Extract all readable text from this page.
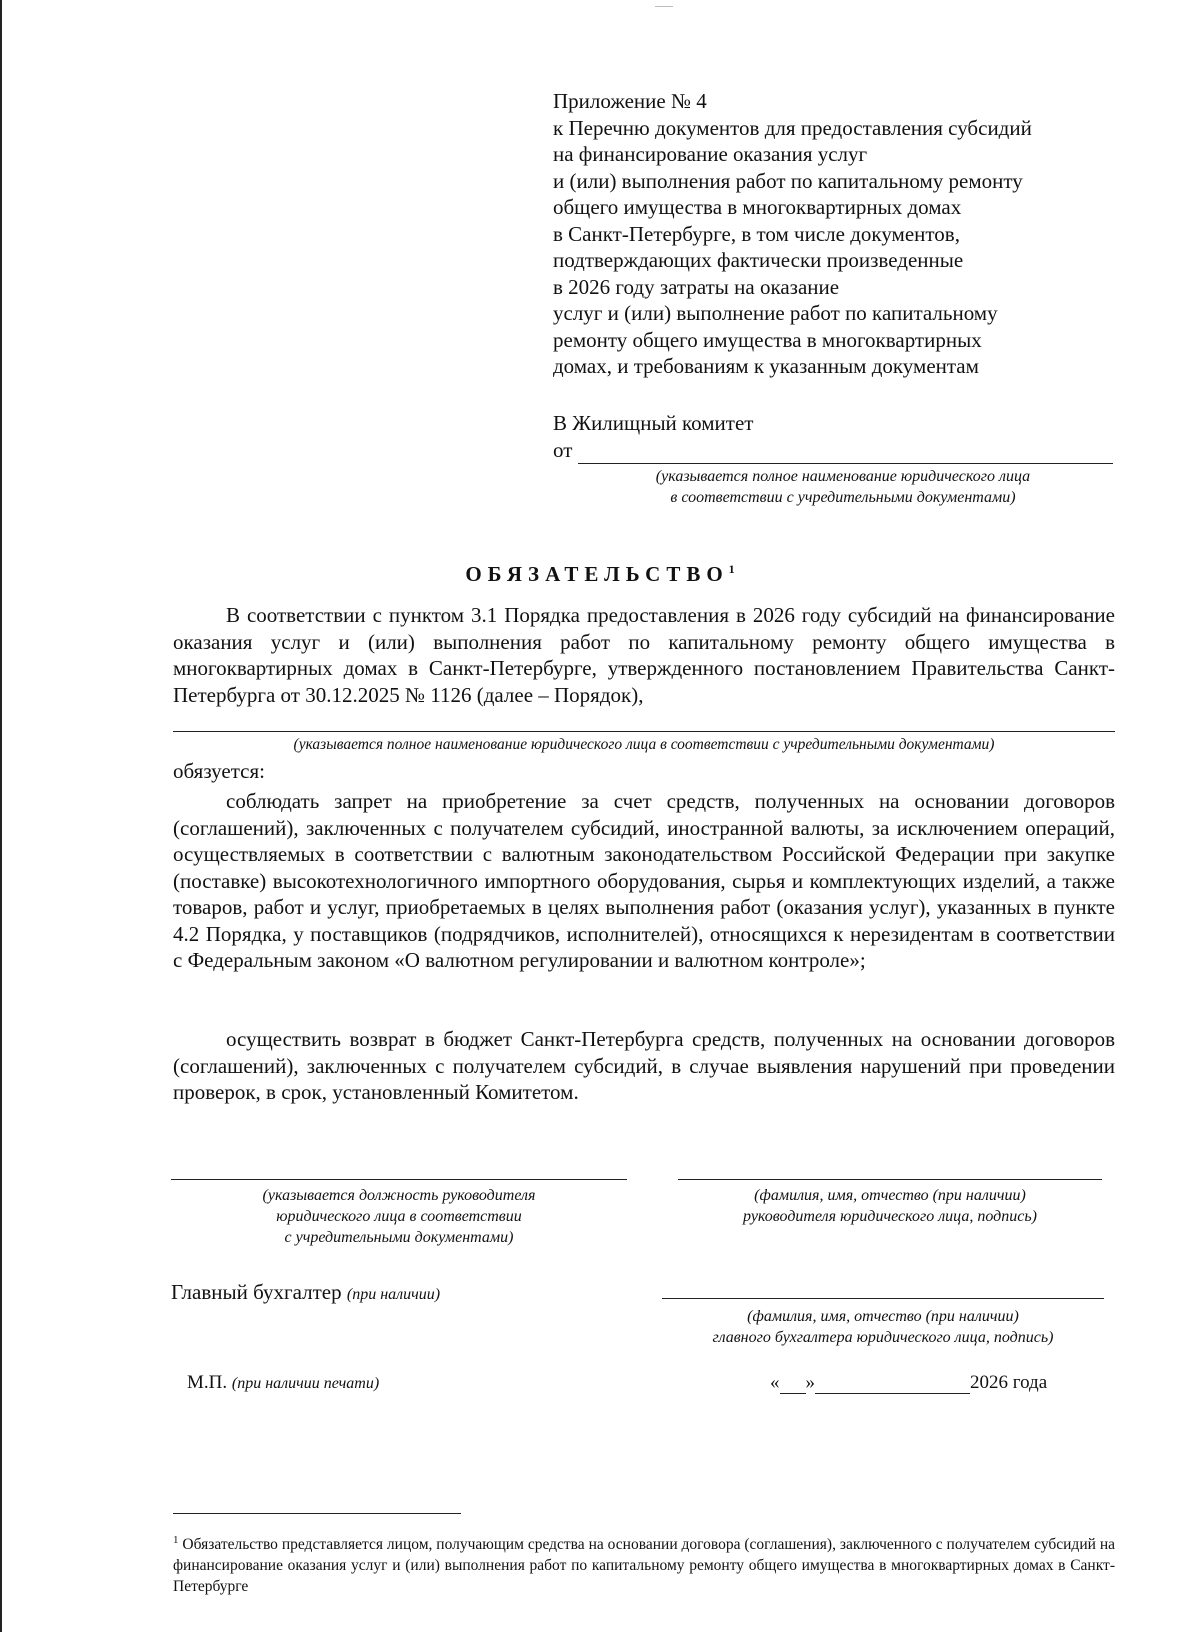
Приложение № 4
к Перечню документов для предоставления субсидий
на финансирование оказания услуг
и (или) выполнения работ по капитальному ремонту
общего имущества в многоквартирных домах
в Санкт-Петербурге, в том числе документов,
подтверждающих фактически произведенные
в 2026 году затраты на оказание
услуг и (или) выполнение работ по капитальному
ремонту общего имущества в многоквартирных
домах, и требованиям к указанным документам
В Жилищный комитет
от
(указывается полное наименование юридического лица
в соответствии с учредительными документами)
ОБЯЗАТЕЛЬСТВО$^1$
В соответствии с пунктом 3.1 Порядка предоставления в 2026 году субсидий на финансирование оказания услуг и (или) выполнения работ по капитальному ремонту общего имущества в многоквартирных домах в Санкт-Петербурге, утвержденного постановлением Правительства Санкт-Петербурга от 30.12.2025 № 1126 (далее – Порядок),
(указывается полное наименование юридического лица в соответствии с учредительными документами)
обязуется:
соблюдать запрет на приобретение за счет средств, полученных на основании договоров (соглашений), заключенных с получателем субсидий, иностранной валюты, за исключением операций, осуществляемых в соответствии с валютным законодательством Российской Федерации при закупке (поставке) высокотехнологичного импортного оборудования, сырья и комплектующих изделий, а также товаров, работ и услуг, приобретаемых в целях выполнения работ (оказания услуг), указанных в пункте 4.2 Порядка, у поставщиков (подрядчиков, исполнителей), относящихся к нерезидентам в соответствии с Федеральным законом «О валютном регулировании и валютном контроле»;
осуществить возврат в бюджет Санкт-Петербурга средств, полученных на основании договоров (соглашений), заключенных с получателем субсидий, в случае выявления нарушений при проведении проверок, в срок, установленный Комитетом.
(указывается должность руководителя
юридического лица в соответствии
с учредительными документами)
(фамилия, имя, отчество (при наличии)
руководителя юридического лица, подпись)
Главный бухгалтер (при наличии)
(фамилия, имя, отчество (при наличии)
главного бухгалтера юридического лица, подпись)
М.П. (при наличии печати)	« »	2026 года
$^1$ Обязательство представляется лицом, получающим средства на основании договора (соглашения), заключенного с получателем субсидий на финансирование оказания услуг и (или) выполнения работ по капитальному ремонту общего имущества в многоквартирных домах в Санкт-Петербурге
